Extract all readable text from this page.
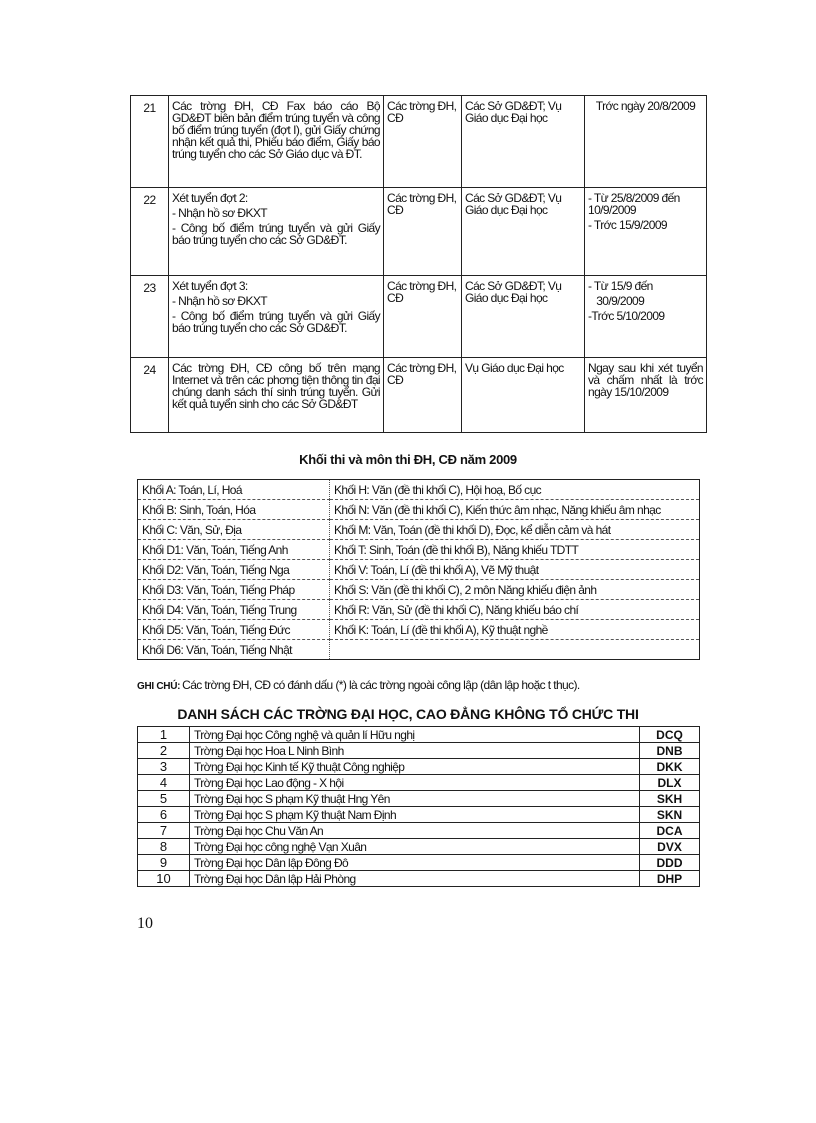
21	Các trờng ĐH, CĐ Fax báo cáo Bộ GD&ĐT biên bản điểm trúng tuyển và công bố điểm trúng tuyển (đợt I), gửi Giấy chứng nhận kết quả thi, Phiếu báo điểm, Giấy báo trúng tuyển cho các Sở Giáo dục và ĐT.	Các trờng ĐH, CĐ	Các Sở GD&ĐT; Vụ Giáo dục Đại học	Trớc ngày 20/8/2009

22	Xét tuyển đợt 2:
- Nhận hồ sơ ĐKXT
- Công bố điểm trúng tuyển và gửi Giấy báo trúng tuyển cho các Sở GD&ĐT.	Các trờng ĐH, CĐ	Các Sở GD&ĐT; Vụ Giáo dục Đại học	- Từ 25/8/2009 đến 10/9/2009
- Trớc 15/9/2009

23	Xét tuyển đợt 3:
- Nhận hồ sơ ĐKXT
- Công bố điểm trúng tuyển và gửi Giấy báo trúng tuyển cho các Sở GD&ĐT.	Các trờng ĐH, CĐ	Các Sở GD&ĐT; Vụ Giáo dục Đại học	- Từ 15/9 đến
30/9/2009
-Trớc 5/10/2009

24	Các trờng ĐH, CĐ công bố trên mạng Internet và trên các phơng tiện thông tin đại chúng danh sách thí sinh trúng tuyển. Gửi kết quả tuyển sinh cho các Sở GD&ĐT	Các trờng ĐH, CĐ	Vụ Giáo dục Đại học	Ngay sau khi xét tuyển và chấm nhất là trớc ngày 15/10/2009
Khối thi và môn thi ĐH, CĐ năm 2009
Khối A: Toán, Lí, Hoá	Khối H: Văn (đề thi khối C), Hội hoạ, Bố cục
Khối B: Sinh, Toán, Hóa	Khối N: Văn (đề thi khối C), Kiến thức âm nhạc, Năng khiếu âm nhạc
Khối C: Văn, Sử, Địa	Khối M: Văn, Toán (đề thi khối D), Đọc, kể diễn cảm và hát
Khối D1: Văn, Toán, Tiếng Anh	Khối T: Sinh, Toán (đề thi khối B), Năng khiếu TDTT
Khối D2: Văn, Toán, Tiếng Nga	Khối V: Toán, Lí (đề thi khối A), Vẽ Mỹ thuật
Khối D3: Văn, Toán, Tiếng Pháp	Khối S: Văn (đề thi khối C), 2 môn Năng khiếu điện ảnh
Khối D4: Văn, Toán, Tiếng Trung	Khối R: Văn, Sử (đề thi khối C), Năng khiếu báo chí
Khối D5: Văn, Toán, Tiếng Đức	Khối K: Toán, Lí (đề thi khối A), Kỹ thuật nghề
Khối D6: Văn, Toán, Tiếng Nhật	
GHI CHÚ: Các trờng ĐH, CĐ có đánh dấu (*) là các trờng ngoài công lập (dân lập hoặc t thục).
DANH SÁCH CÁC TRỜNG ĐẠI HỌC, CAO ĐẲNG KHÔNG TỔ CHỨC THI
1	Trờng Đại học Công nghệ và quản lí Hữu nghị	DCQ
2	Trờng Đại học Hoa L Ninh Bình	DNB
3	Trờng Đại học Kinh tế Kỹ thuật Công nghiệp	DKK
4	Trờng Đại học Lao động - X hội	DLX
5	Trờng Đại học S phạm Kỹ thuật Hng Yên	SKH
6	Trờng Đại học S phạm Kỹ thuật Nam Định	SKN
7	Trờng Đại học Chu Văn An	DCA
8	Trờng Đại học công nghệ Vạn Xuân	DVX
9	Trờng Đại học Dân lập Đông Đô	DDD
10	Trờng Đại học Dân lập Hải Phòng	DHP
10
